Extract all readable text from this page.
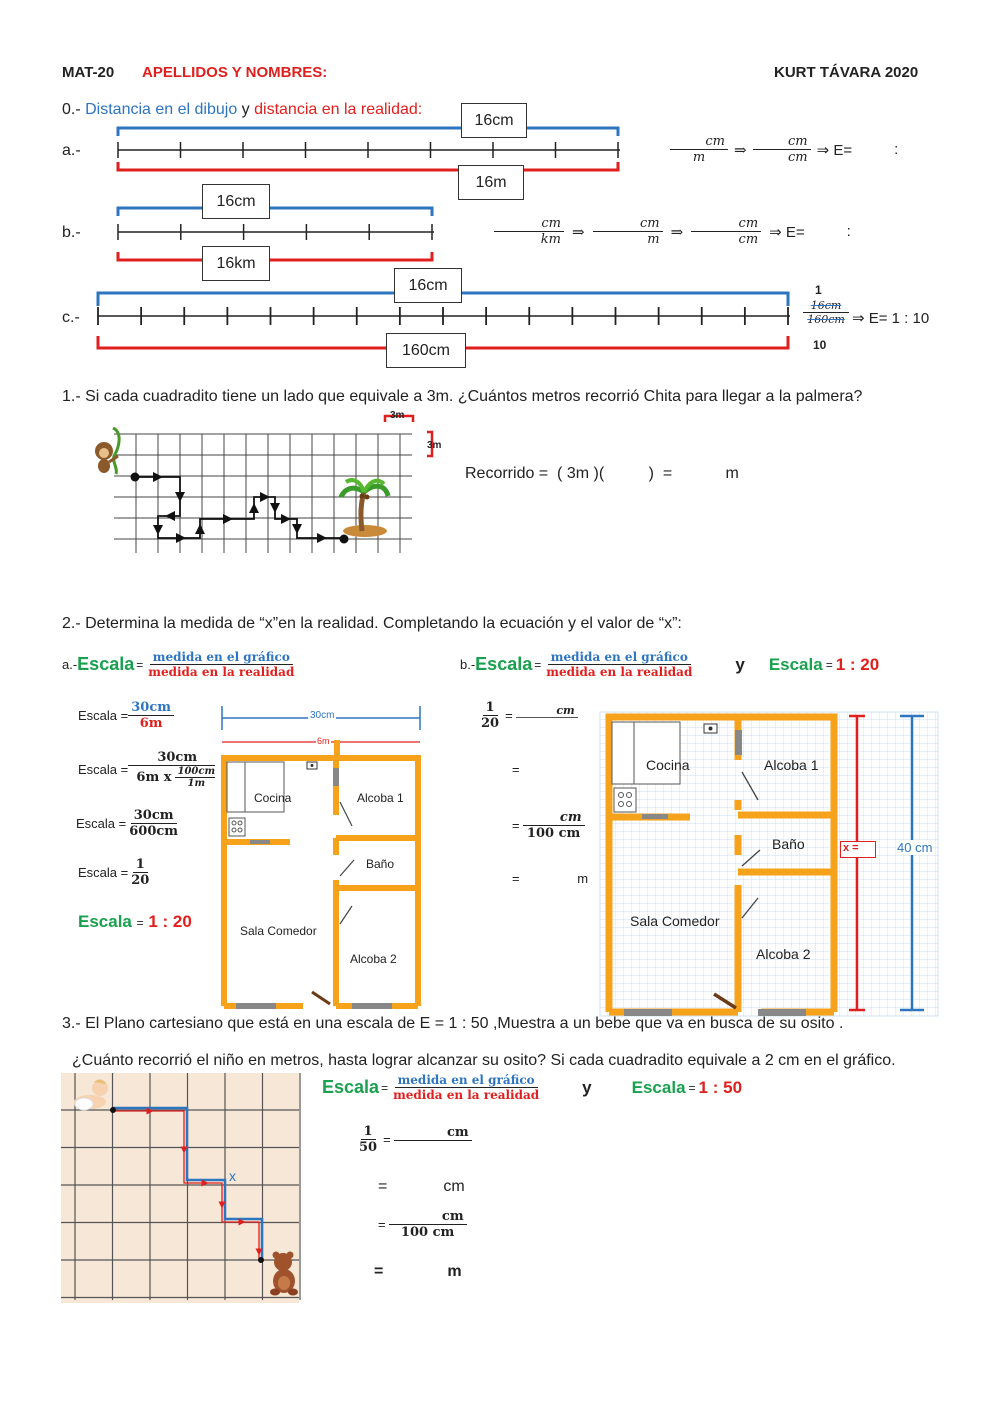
MAT-20 APELLIDOS Y NOMBRES:	KURT TÁVARA 2020
0.- Distancia en el dibujo y distancia en la realidad:
a.-
16cm
16m
$\frac{cm}{m}$ ⇒ $\frac{cm}{cm}$ ⇒ E=	:
b.-
16cm
16km
$\frac{cm}{km}$ ⇒ $\frac{cm}{m}$ ⇒ $\frac{cm}{cm}$ ⇒ E=	:
c.-
16cm
160cm
1
16cm
160cm
10
⇒ E= 1 : 10
1.- Si cada cuadradito tiene un lado que equivale a 3m. ¿Cuántos metros recorrió Chita para llegar a la palmera?
3m
3m
Recorrido =  ( 3m )(          )  =            m
2.- Determina la medida de “x”en la realidad. Completando la ecuación y el valor de “x”:
a.- Escala = $\frac{\text{medida en el gráfico}}{\text{medida en la realidad}}$	b.- Escala = $\frac{\text{medida en el gráfico}}{\text{medida en la realidad}}$ y Escala = 1 : 20
Escala = $\frac{30cm}{6m}$
Escala = $\frac{30cm}{6m x \frac{100cm}{1m}}$
Escala = $\frac{30cm}{600cm}$
Escala = $\frac{1}{20}$
Escala = 1 : 20
30cm
6m
Cocina	Alcoba 1
Baño
Sala Comedor
Alcoba 2
$\frac{1}{20}$ =	cm
=
= $\frac{cm}{100 cm}$
=	m
Cocina	Alcoba 1
Baño
Sala Comedor
Alcoba 2
x =	40 cm
3.- El Plano cartesiano que está en una escala de E = 1 : 50 ,Muestra a un bebe que va en busca de su osito .
¿Cuánto recorrió el niño en metros, hasta lograr alcanzar su osito? Si cada cuadradito equivale a 2 cm en el gráfico.
x
Escala = $\frac{\text{medida en el gráfico}}{\text{medida en la realidad}}$ y Escala = 1 : 50
$\frac{1}{50}$ =	cm
=	cm
= $\frac{cm}{100 cm}$
=	m
